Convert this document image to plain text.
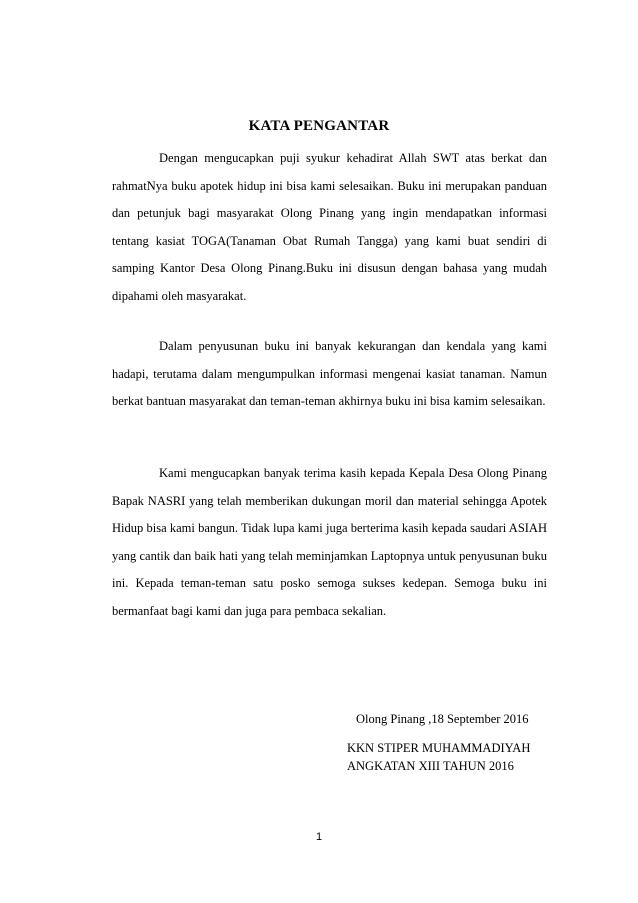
KATA PENGANTAR

Dengan mengucapkan puji syukur kehadirat Allah SWT atas berkat dan rahmatNya buku apotek hidup ini bisa kami selesaikan. Buku ini merupakan panduan dan petunjuk bagi masyarakat Olong Pinang yang ingin mendapatkan informasi tentang kasiat TOGA(Tanaman Obat Rumah Tangga) yang kami buat sendiri di samping Kantor Desa Olong Pinang.Buku ini disusun dengan bahasa yang mudah dipahami oleh masyarakat.

Dalam penyusunan buku ini banyak kekurangan dan kendala yang kami hadapi, terutama dalam mengumpulkan informasi mengenai kasiat tanaman. Namun berkat bantuan masyarakat dan teman-teman akhirnya buku ini bisa kamim selesaikan.

Kami mengucapkan banyak terima kasih kepada Kepala Desa Olong Pinang Bapak NASRI yang telah memberikan dukungan moril dan material sehingga Apotek Hidup bisa kami bangun. Tidak lupa kami juga berterima kasih kepada saudari ASIAH yang cantik dan baik hati yang telah meminjamkan Laptopnya untuk penyusunan buku ini. Kepada teman-teman satu posko semoga sukses kedepan. Semoga buku ini bermanfaat bagi kami dan juga para pembaca sekalian.

Olong Pinang ,18 September 2016
KKN STIPER MUHAMMADIYAH
ANGKATAN XIII TAHUN 2016
1
